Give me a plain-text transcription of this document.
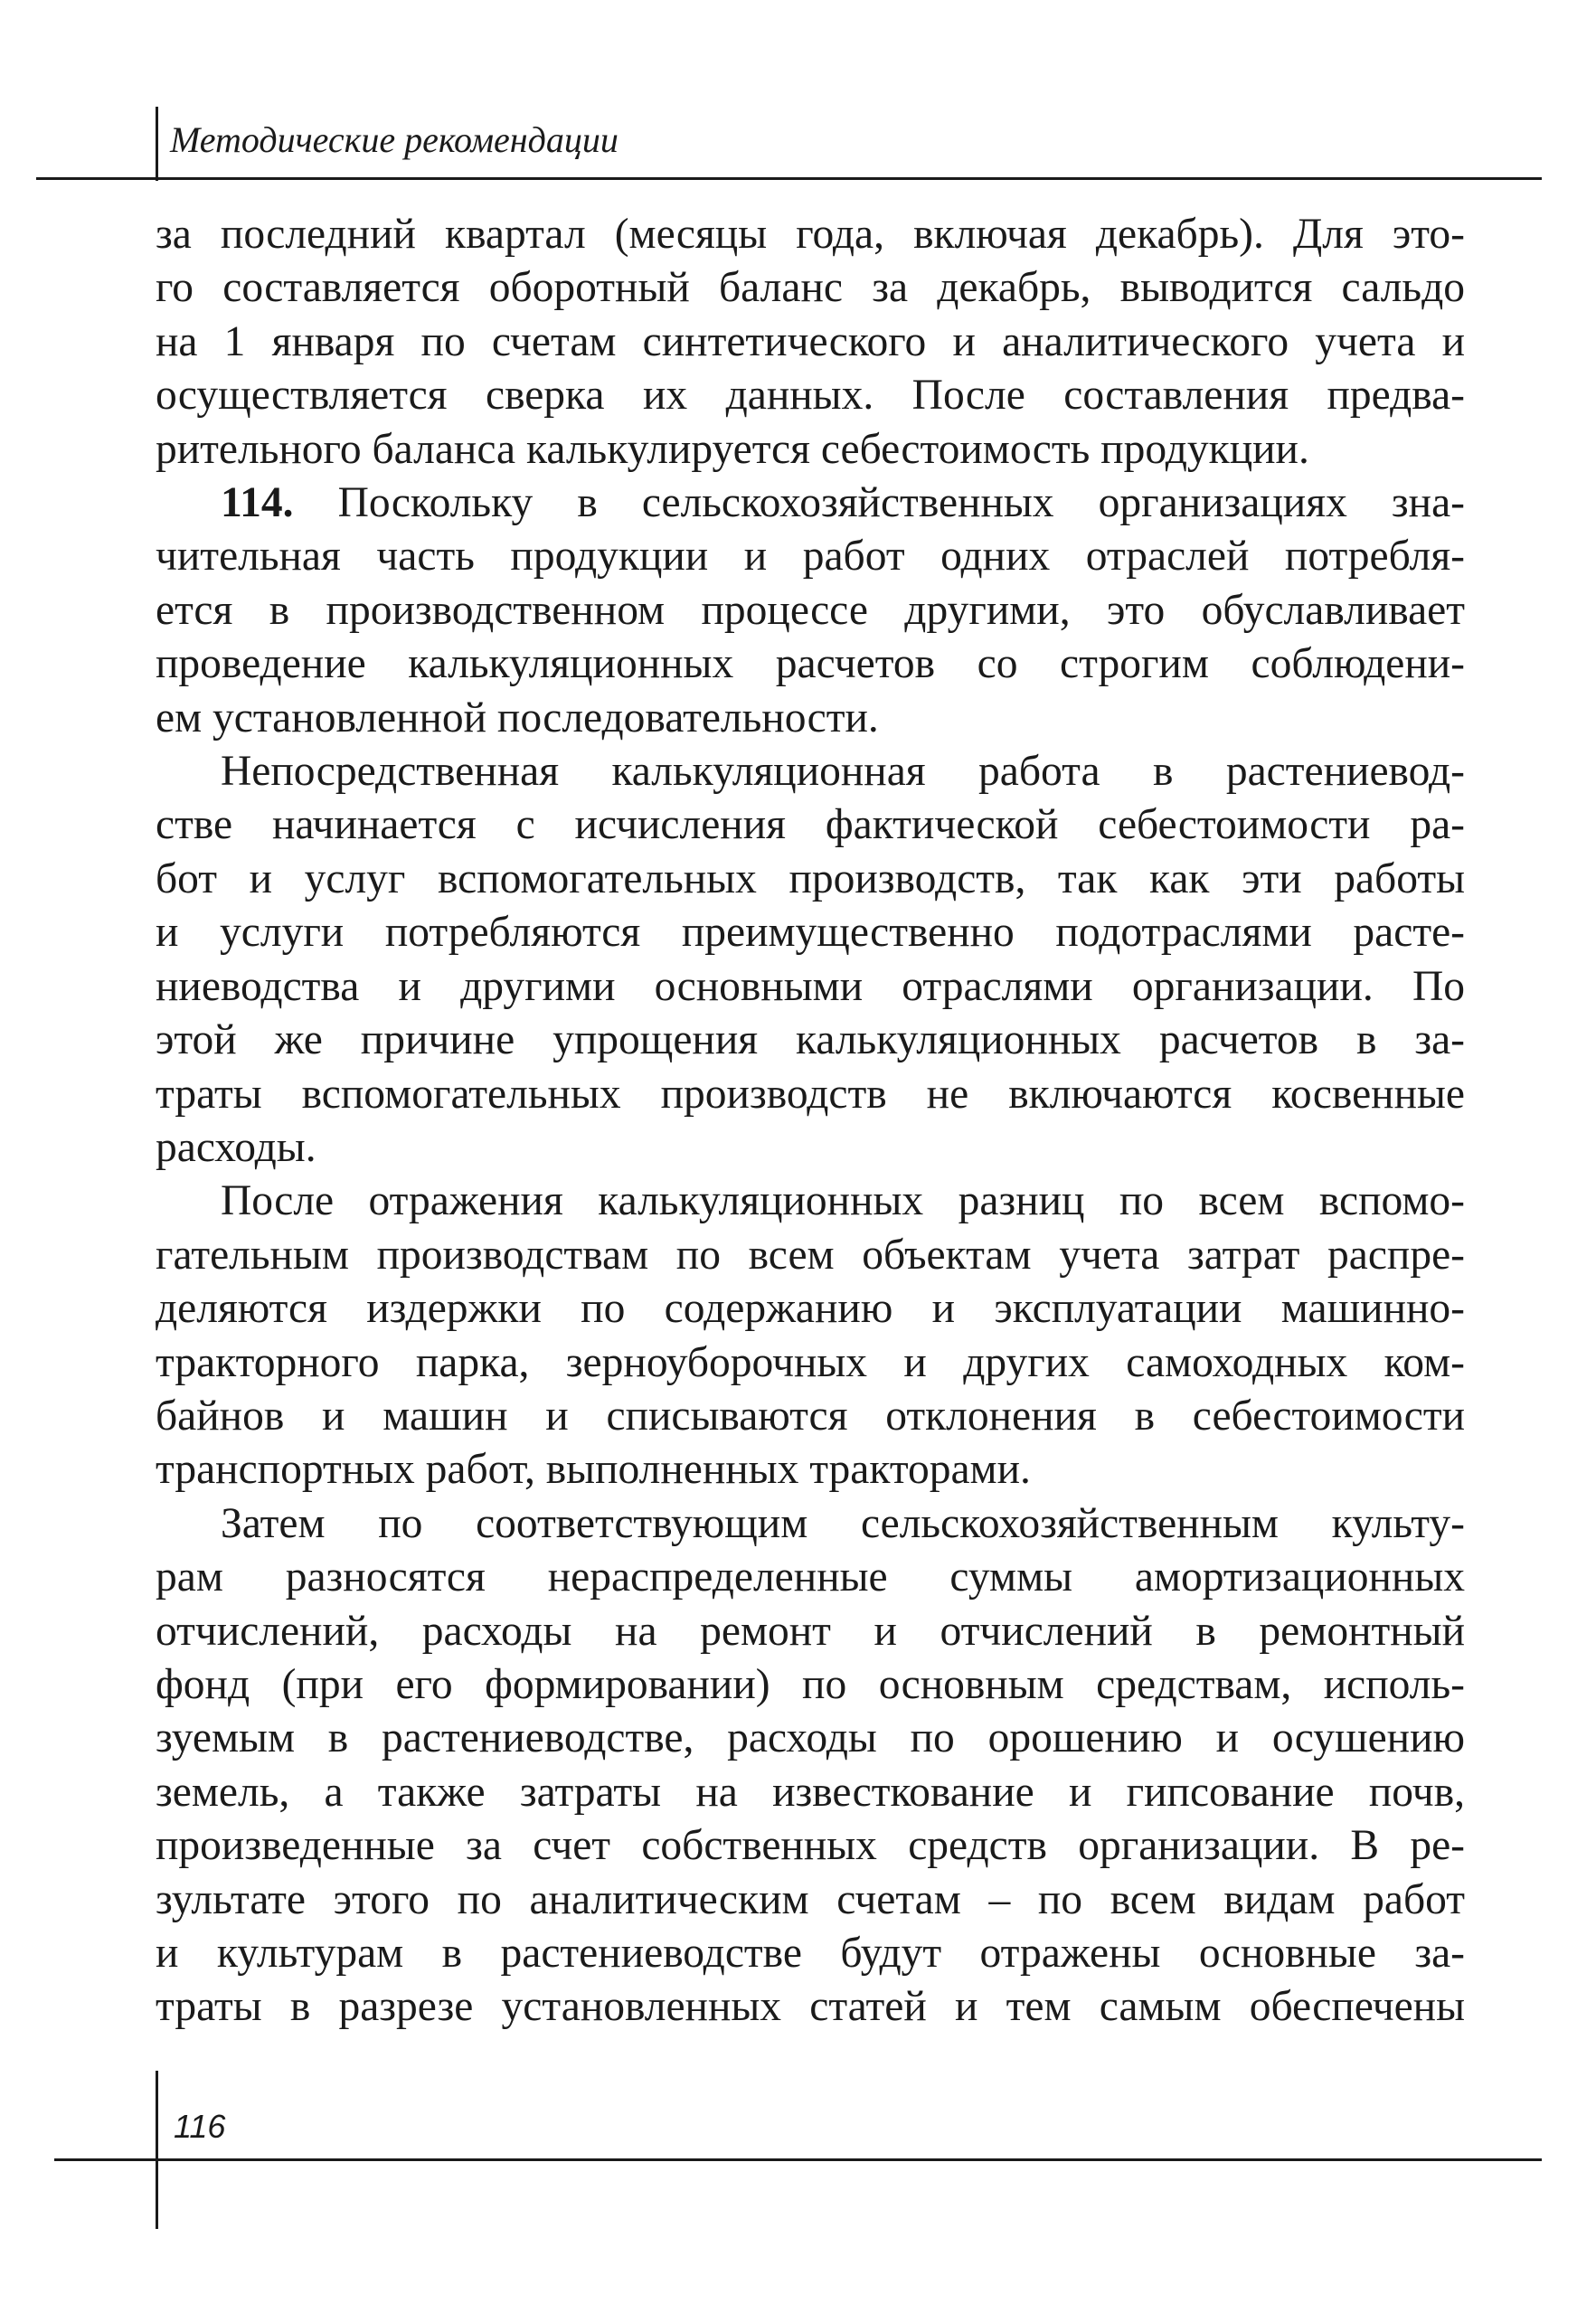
Методические рекомендации
за последний квартал (месяцы года, включая декабрь). Для это-
го составляется оборотный баланс за декабрь, выводится сальдо
на 1 января по счетам синтетического и аналитического учета и
осуществляется сверка их данных. После составления предва-
рительного баланса калькулируется себестоимость продукции.
114. Поскольку в сельскохозяйственных организациях зна-
чительная часть продукции и работ одних отраслей потребля-
ется в производственном процессе другими, это обуславливает
проведение калькуляционных расчетов со строгим соблюдени-
ем установленной последовательности.
Непосредственная калькуляционная работа в растениевод-
стве начинается с исчисления фактической себестоимости ра-
бот и услуг вспомогательных производств, так как эти работы
и услуги потребляются преимущественно подотраслями расте-
ниеводства и другими основными отраслями организации. По
этой же причине упрощения калькуляционных расчетов в за-
траты вспомогательных производств не включаются косвенные
расходы.
После отражения калькуляционных разниц по всем вспомо-
гательным производствам по всем объектам учета затрат распре-
деляются издержки по содержанию и эксплуатации машинно-
тракторного парка, зерноуборочных и других самоходных ком-
байнов и машин и списываются отклонения в себестоимости
транспортных работ, выполненных тракторами.
Затем по соответствующим сельскохозяйственным культу-
рам разносятся нераспределенные суммы амортизационных
отчислений, расходы на ремонт и отчислений в ремонтный
фонд (при его формировании) по основным средствам, исполь-
зуемым в растениеводстве, расходы по орошению и осушению
земель, а также затраты на известкование и гипсование почв,
произведенные за счет собственных средств организации. В ре-
зультате этого по аналитическим счетам – по всем видам работ
и культурам в растениеводстве будут отражены основные за-
траты в разрезе установленных статей и тем самым обеспечены
116
